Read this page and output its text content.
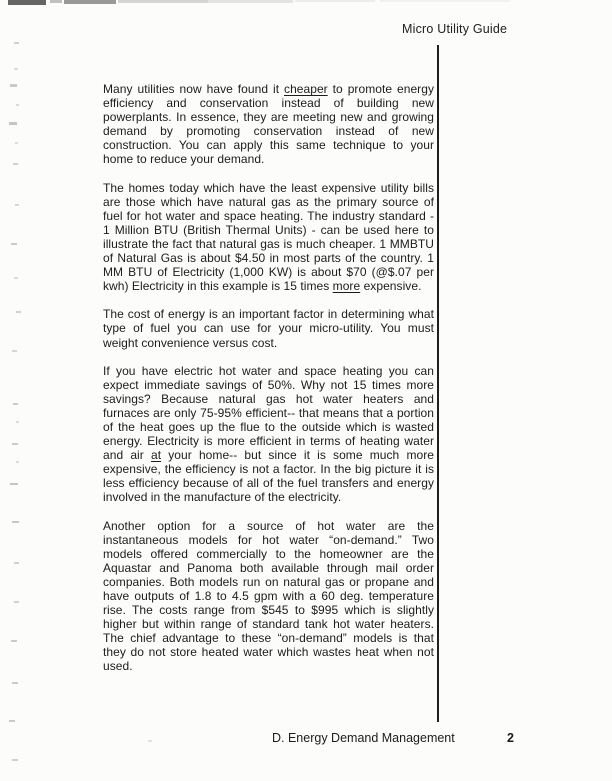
Micro Utility Guide

Many utilities now have found it cheaper to promote energy efficiency and conservation instead of building new powerplants. In essence, they are meeting new and growing demand by promoting conservation instead of new construction. You can apply this same technique to your home to reduce your demand.

The homes today which have the least expensive utility bills are those which have natural gas as the primary source of fuel for hot water and space heating. The industry standard - 1 Million BTU (British Thermal Units) - can be used here to illustrate the fact that natural gas is much cheaper. 1 MMBTU of Natural Gas is about $4.50 in most parts of the country. 1 MM BTU of Electricity (1,000 KW) is about $70 (@$.07 per kwh) Electricity in this example is 15 times more expensive.

The cost of energy is an important factor in determining what type of fuel you can use for your micro-utility. You must weight convenience versus cost.

If you have electric hot water and space heating you can expect immediate savings of 50%. Why not 15 times more savings? Because natural gas hot water heaters and furnaces are only 75-95% efficient-- that means that a portion of the heat goes up the flue to the outside which is wasted energy. Electricity is more efficient in terms of heating water and air at your home-- but since it is some much more expensive, the efficiency is not a factor. In the big picture it is less efficiency because of all of the fuel transfers and energy involved in the manufacture of the electricity.

Another option for a source of hot water are the instantaneous models for hot water “on-demand.” Two models offered commercially to the homeowner are the Aquastar and Panoma both available through mail order companies. Both models run on natural gas or propane and have outputs of 1.8 to 4.5 gpm with a 60 deg. temperature rise. The costs range from $545 to $995 which is slightly higher but within range of standard tank hot water heaters. The chief advantage to these “on-demand” models is that they do not store heated water which wastes heat when not used.

D. Energy Demand Management	2
